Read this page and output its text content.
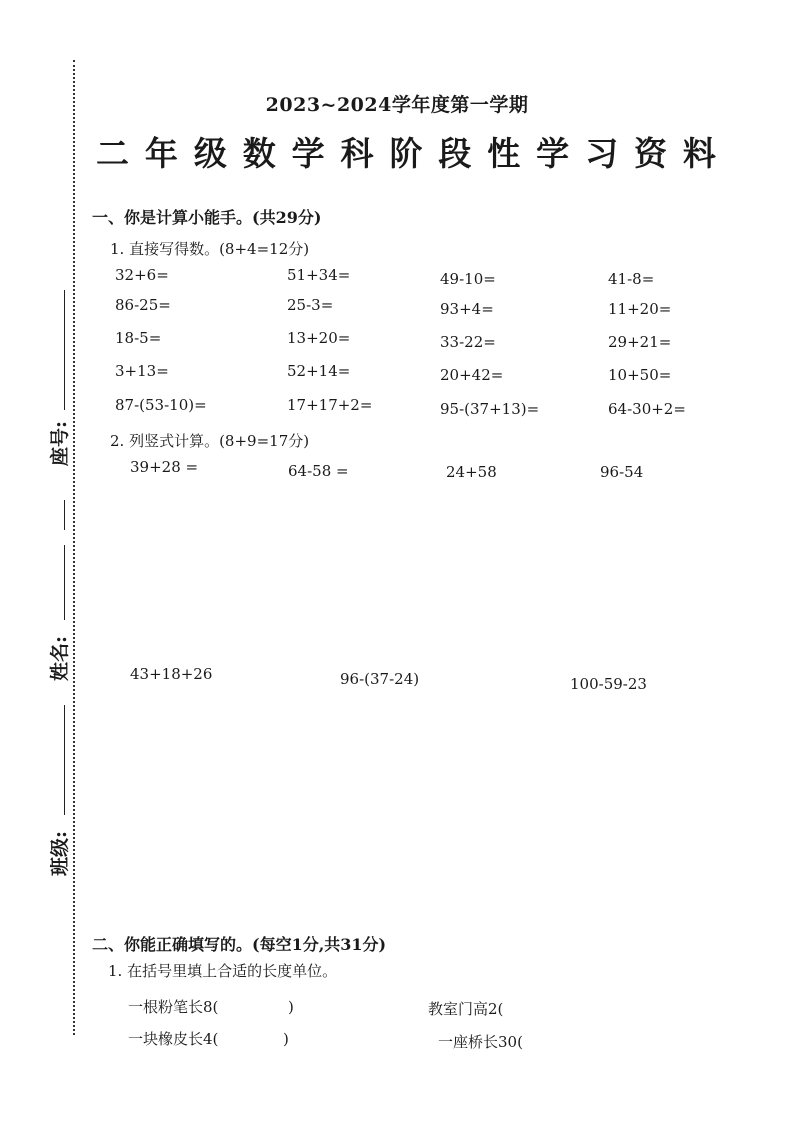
座号:
姓名:
班级:
2023~2024学年度第一学期
二 年 级 数 学 科 阶 段 性 学 习 资 料
一、你是计算小能手。(共29分)
1. 直接写得数。(8+4=12分)
32+6=	51+34=	49-10=	41-8=
86-25=	25-3=	93+4=	11+20=
18-5=	13+20=	33-22=	29+21=
3+13=	52+14=	20+42=	10+50=
87-(53-10)=	17+17+2=	95-(37+13)=	64-30+2=
2. 列竖式计算。(8+9=17分)
39+28 =	64-58 =	24+58	96-54
43+18+26	96-(37-24)	100-59-23
二、你能正确填写的。(每空1分,共31分)
1. 在括号里填上合适的长度单位。
一根粉笔长8(	)	教室门高2(
一块橡皮长4(	)	一座桥长30(
